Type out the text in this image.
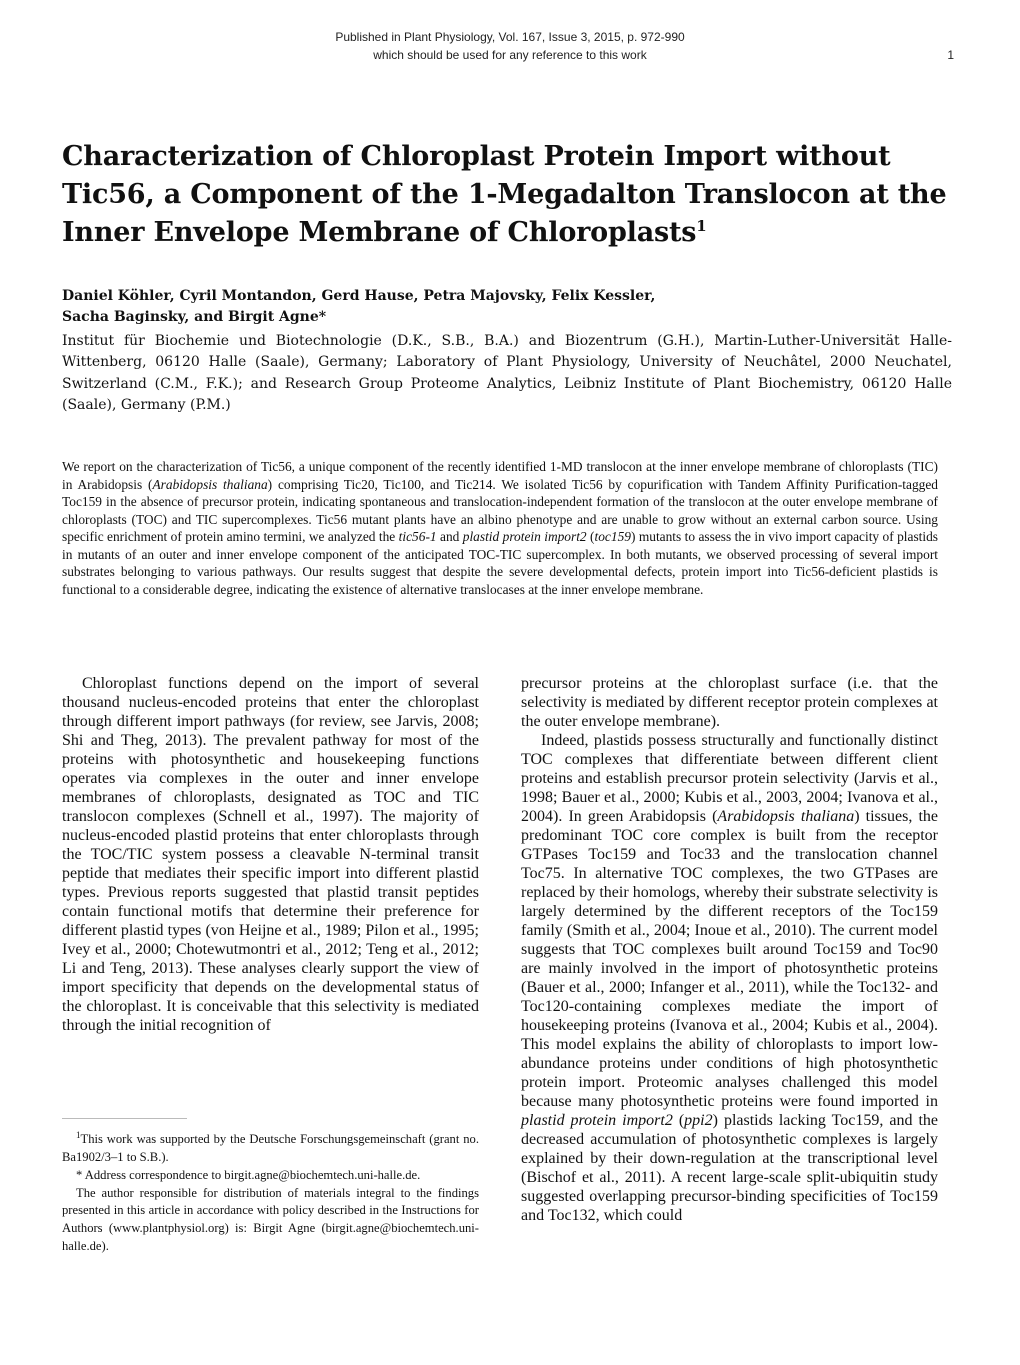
Published in Plant Physiology, Vol. 167, Issue 3, 2015, p. 972-990
which should be used for any reference to this work	1
Characterization of Chloroplast Protein Import without Tic56, a Component of the 1-Megadalton Translocon at the Inner Envelope Membrane of Chloroplasts$^1$
Daniel Köhler, Cyril Montandon, Gerd Hause, Petra Majovsky, Felix Kessler,
Sacha Baginsky, and Birgit Agne*
Institut für Biochemie und Biotechnologie (D.K., S.B., B.A.) and Biozentrum (G.H.), Martin-Luther-Universität Halle-Wittenberg, 06120 Halle (Saale), Germany; Laboratory of Plant Physiology, University of Neuchâtel, 2000 Neuchatel, Switzerland (C.M., F.K.); and Research Group Proteome Analytics, Leibniz Institute of Plant Biochemistry, 06120 Halle (Saale), Germany (P.M.)
We report on the characterization of Tic56, a unique component of the recently identified 1-MD translocon at the inner envelope membrane of chloroplasts (TIC) in Arabidopsis (Arabidopsis thaliana) comprising Tic20, Tic100, and Tic214. We isolated Tic56 by copurification with Tandem Affinity Purification-tagged Toc159 in the absence of precursor protein, indicating spontaneous and translocation-independent formation of the translocon at the outer envelope membrane of chloroplasts (TOC) and TIC supercomplexes. Tic56 mutant plants have an albino phenotype and are unable to grow without an external carbon source. Using specific enrichment of protein amino termini, we analyzed the tic56-1 and plastid protein import2 (toc159) mutants to assess the in vivo import capacity of plastids in mutants of an outer and inner envelope component of the anticipated TOC-TIC supercomplex. In both mutants, we observed processing of several import substrates belonging to various pathways. Our results suggest that despite the severe developmental defects, protein import into Tic56-deficient plastids is functional to a considerable degree, indicating the existence of alternative translocases at the inner envelope membrane.

Chloroplast functions depend on the import of several thousand nucleus-encoded proteins that enter the chloroplast through different import pathways (for review, see Jarvis, 2008; Shi and Theg, 2013). The prevalent pathway for most of the proteins with photosynthetic and housekeeping functions operates via complexes in the outer and inner envelope membranes of chloroplasts, designated as TOC and TIC translocon complexes (Schnell et al., 1997). The majority of nucleus-encoded plastid proteins that enter chloroplasts through the TOC/TIC system possess a cleavable N-terminal transit peptide that mediates their specific import into different plastid types. Previous reports suggested that plastid transit peptides contain functional motifs that determine their preference for different plastid types (von Heijne et al., 1989; Pilon et al., 1995; Ivey et al., 2000; Chotewutmontri et al., 2012; Teng et al., 2012; Li and Teng, 2013). These analyses clearly support the view of import specificity that depends on the developmental status of the chloroplast. It is conceivable that this selectivity is mediated through the initial recognition of

precursor proteins at the chloroplast surface (i.e. that the selectivity is mediated by different receptor protein complexes at the outer envelope membrane).

Indeed, plastids possess structurally and functionally distinct TOC complexes that differentiate between different client proteins and establish precursor protein selectivity (Jarvis et al., 1998; Bauer et al., 2000; Kubis et al., 2003, 2004; Ivanova et al., 2004). In green Arabidopsis (Arabidopsis thaliana) tissues, the predominant TOC core complex is built from the receptor GTPases Toc159 and Toc33 and the translocation channel Toc75. In alternative TOC complexes, the two GTPases are replaced by their homologs, whereby their substrate selectivity is largely determined by the different receptors of the Toc159 family (Smith et al., 2004; Inoue et al., 2010). The current model suggests that TOC complexes built around Toc159 and Toc90 are mainly involved in the import of photosynthetic proteins (Bauer et al., 2000; Infanger et al., 2011), while the Toc132- and Toc120-containing complexes mediate the import of housekeeping proteins (Ivanova et al., 2004; Kubis et al., 2004). This model explains the ability of chloroplasts to import low-abundance proteins under conditions of high photosynthetic protein import. Proteomic analyses challenged this model because many photosynthetic proteins were found imported in plastid protein import2 (ppi2) plastids lacking Toc159, and the decreased accumulation of photosynthetic complexes is largely explained by their down-regulation at the transcriptional level (Bischof et al., 2011). A recent large-scale split-ubiquitin study suggested overlapping precursor-binding specificities of Toc159 and Toc132, which could

$^1$This work was supported by the Deutsche Forschungsgemeinschaft (grant no. Ba1902/3–1 to S.B.).

* Address correspondence to birgit.agne@biochemtech.uni-halle.de.

The author responsible for distribution of materials integral to the findings presented in this article in accordance with policy described in the Instructions for Authors (www.plantphysiol.org) is: Birgit Agne (birgit.agne@biochemtech.uni-halle.de).
